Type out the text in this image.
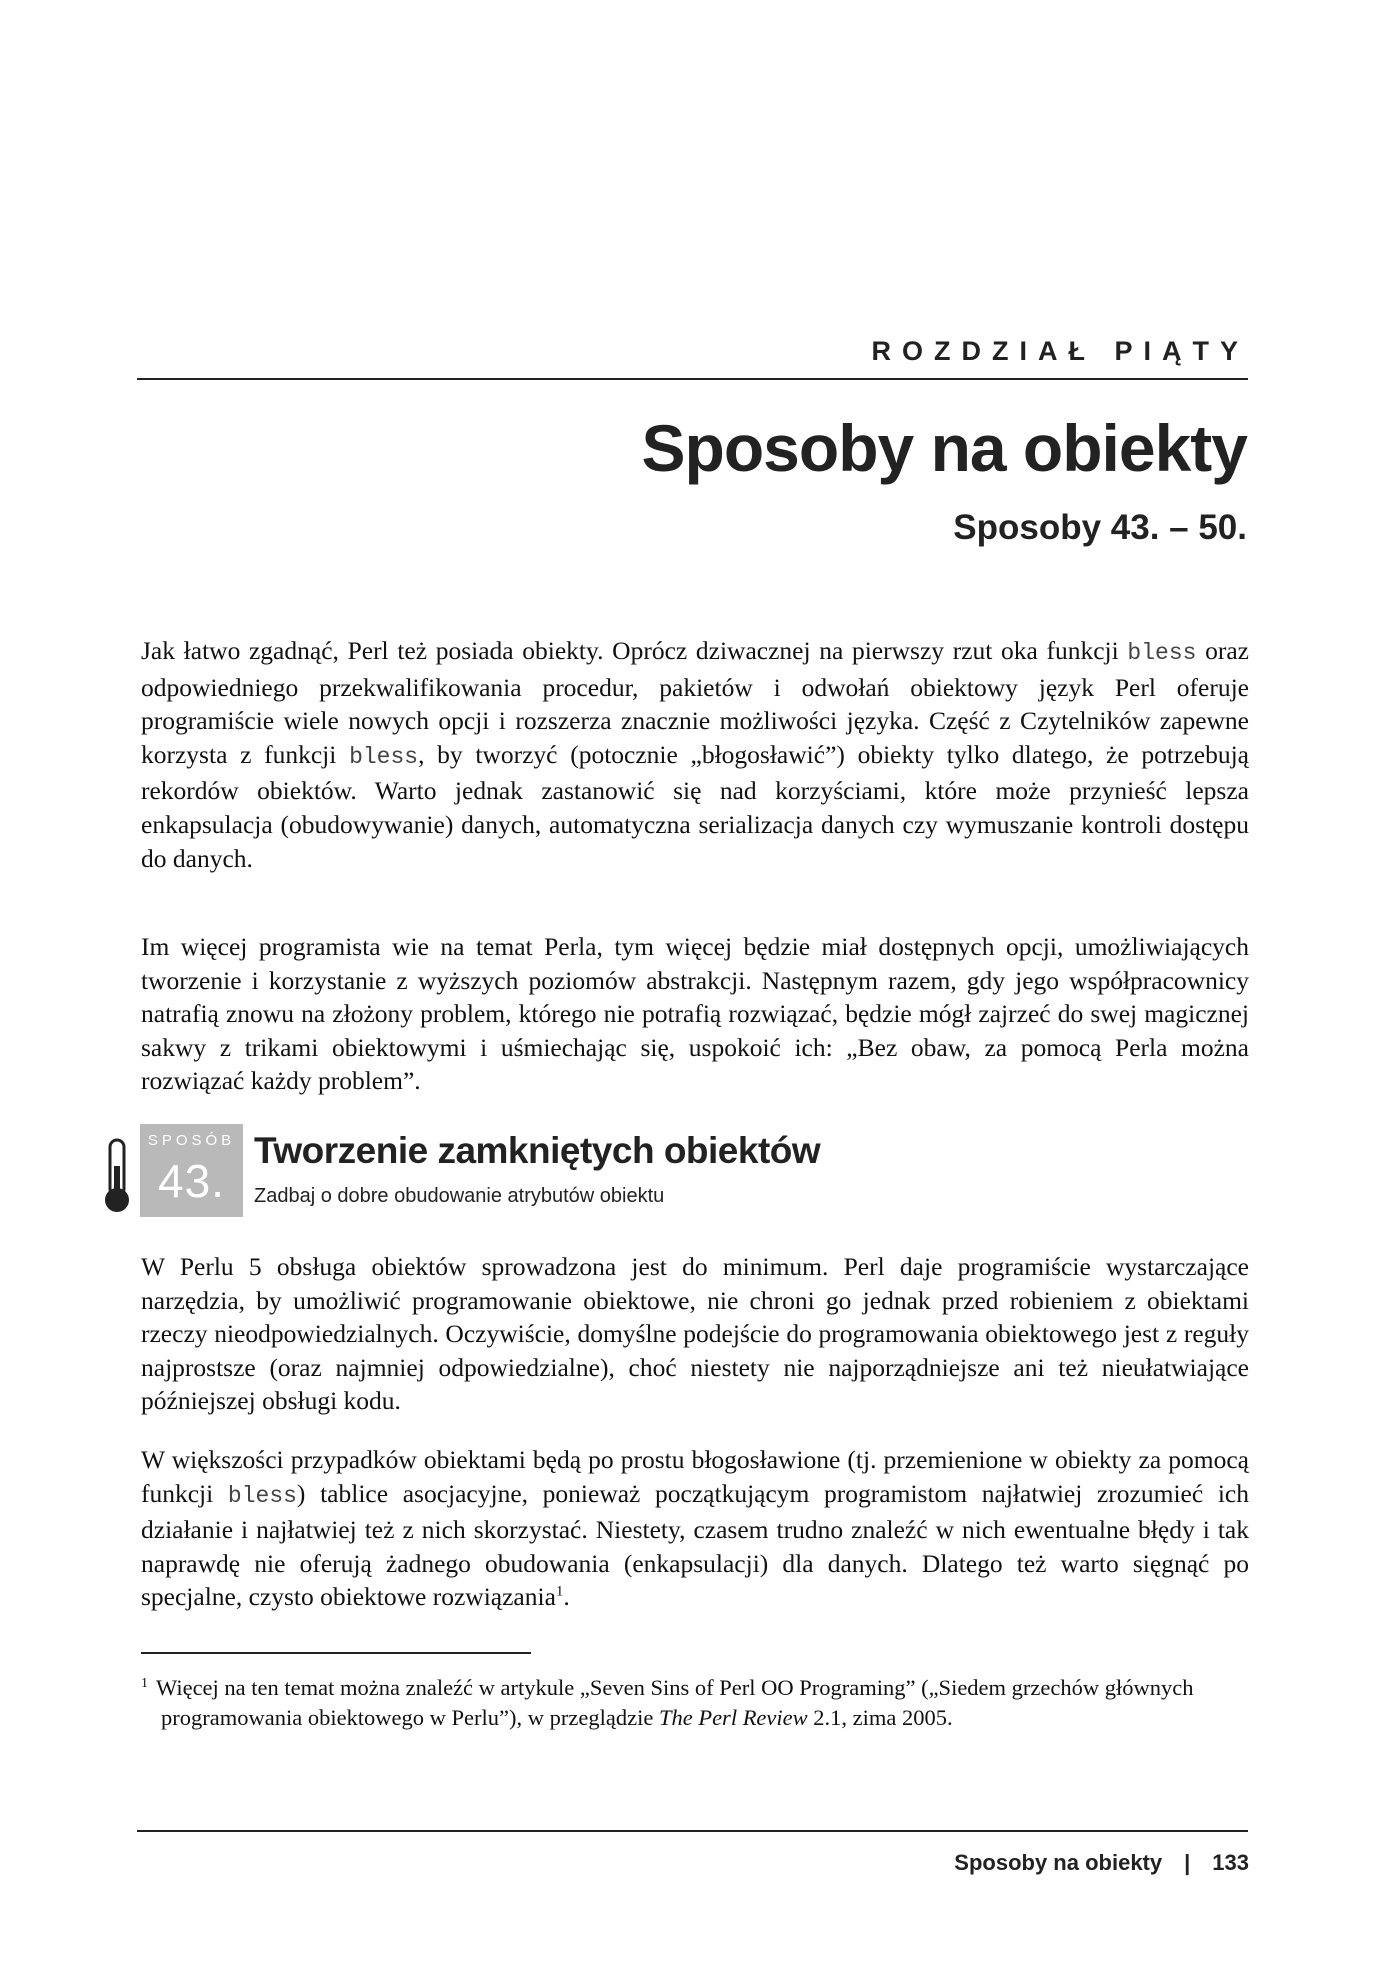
ROZDZIAŁ PIĄTY
Sposoby na obiekty
Sposoby 43. – 50.

Jak łatwo zgadnąć, Perl też posiada obiekty. Oprócz dziwacznej na pierwszy rzut oka funkcji bless oraz odpowiedniego przekwalifikowania procedur, pakietów i odwołań obiektowy język Perl oferuje programiście wiele nowych opcji i rozszerza znacznie możliwości języka. Część z Czytelników zapewne korzysta z funkcji bless, by tworzyć (potocznie „błogosławić”) obiekty tylko dlatego, że potrzebują rekordów obiektów. Warto jednak zastanowić się nad korzyściami, które może przynieść lepsza enkapsulacja (obudowywanie) danych, automatyczna serializacja danych czy wymuszanie kontroli dostępu do danych.

Im więcej programista wie na temat Perla, tym więcej będzie miał dostępnych opcji, umożliwiających tworzenie i korzystanie z wyższych poziomów abstrakcji. Następnym razem, gdy jego współpracownicy natrafią znowu na złożony problem, którego nie potrafią rozwiązać, będzie mógł zajrzeć do swej magicznej sakwy z trikami obiektowymi i uśmiechając się, uspokoić ich: „Bez obaw, za pomocą Perla można rozwiązać każdy problem”.

SPOSÓB
43.
Tworzenie zamkniętych obiektów
Zadbaj o dobre obudowanie atrybutów obiektu

W Perlu 5 obsługa obiektów sprowadzona jest do minimum. Perl daje programiście wystarczające narzędzia, by umożliwić programowanie obiektowe, nie chroni go jednak przed robieniem z obiektami rzeczy nieodpowiedzialnych. Oczywiście, domyślne podejście do programowania obiektowego jest z reguły najprostsze (oraz najmniej odpowiedzialne), choć niestety nie najporządniejsze ani też nieułatwiające późniejszej obsługi kodu.

W większości przypadków obiektami będą po prostu błogosławione (tj. przemienione w obiekty za pomocą funkcji bless) tablice asocjacyjne, ponieważ początkującym programistom najłatwiej zrozumieć ich działanie i najłatwiej też z nich skorzystać. Niestety, czasem trudno znaleźć w nich ewentualne błędy i tak naprawdę nie oferują żadnego obudowania (enkapsulacji) dla danych. Dlatego też warto sięgnąć po specjalne, czysto obiektowe rozwiązania$^1$.

$^1$ Więcej na ten temat można znaleźć w artykule „Seven Sins of Perl OO Programing” („Siedem grzechów głównych programowania obiektowego w Perlu”), w przeglądzie The Perl Review 2.1, zima 2005.

Sposoby na obiekty | 133
